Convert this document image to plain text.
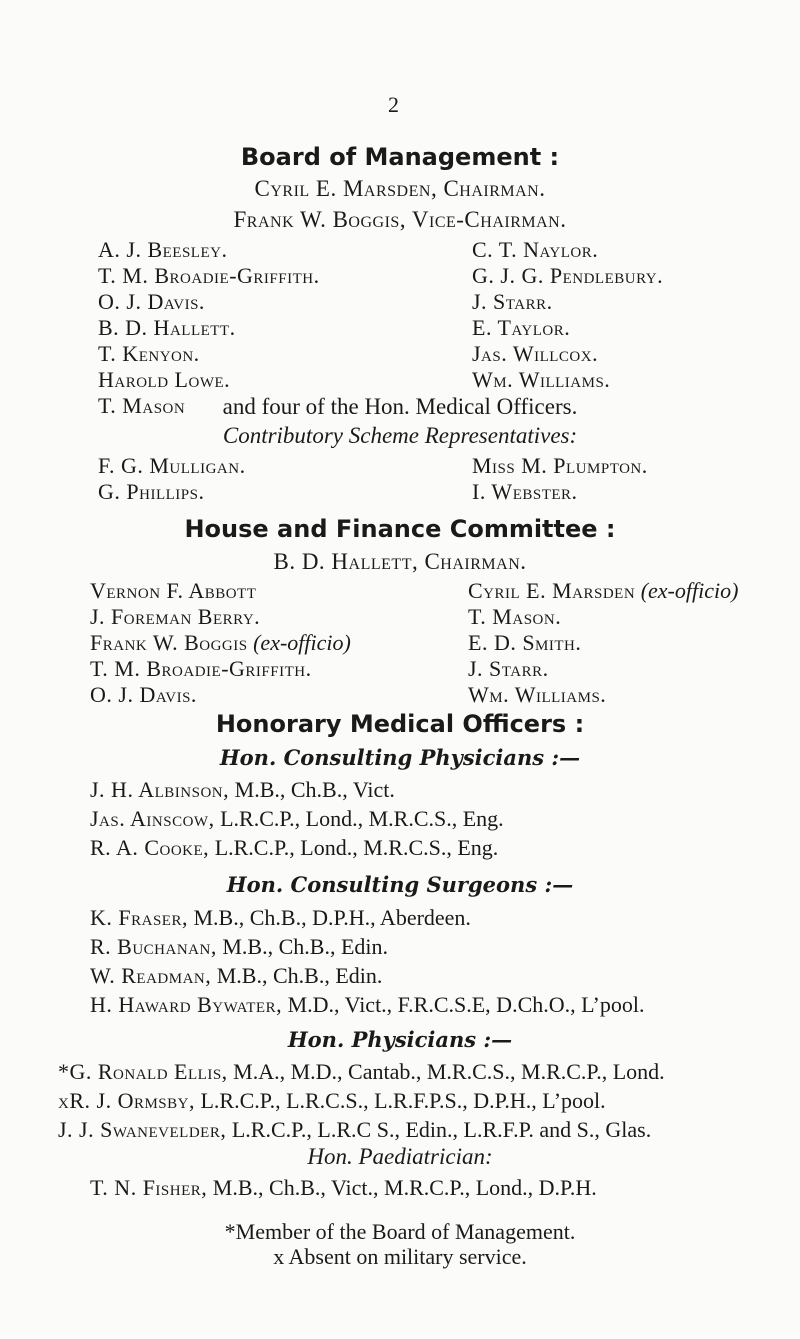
2
Board of Management :
Cyril E. Marsden, Chairman.
Frank W. Boggis, Vice-Chairman.
A. J. Beesley.
T. M. Broadie-Griffith.
O. J. Davis.
B. D. Hallett.
T. Kenyon.
Harold Lowe.
T. Mason
C. T. Naylor.
G. J. G. Pendlebury.
J. Starr.
E. Taylor.
Jas. Willcox.
Wm. Williams.
and four of the Hon. Medical Officers.
Contributory Scheme Representatives:
F. G. Mulligan.
G. Phillips.
Miss M. Plumpton.
I. Webster.
House and Finance Committee :
B. D. Hallett, Chairman.
Vernon F. Abbott
J. Foreman Berry.
Frank W. Boggis (ex-officio)
T. M. Broadie-Griffith.
O. J. Davis.
Cyril E. Marsden (ex-officio)
T. Mason.
E. D. Smith.
J. Starr.
Wm. Williams.
Honorary Medical Officers :
Hon. Consulting Physicians :—
J. H. Albinson, M.B., Ch.B., Vict.
Jas. Ainscow, L.R.C.P., Lond., M.R.C.S., Eng.
R. A. Cooke, L.R.C.P., Lond., M.R.C.S., Eng.
Hon. Consulting Surgeons :—
K. Fraser, M.B., Ch.B., D.P.H., Aberdeen.
R. Buchanan, M.B., Ch.B., Edin.
W. Readman, M.B., Ch.B., Edin.
H. Haward Bywater, M.D., Vict., F.R.C.S.E, D.Ch.O., L’pool.
Hon. Physicians :—
*G. Ronald Ellis, M.A., M.D., Cantab., M.R.C.S., M.R.C.P., Lond.
xR. J. Ormsby, L.R.C.P., L.R.C.S., L.R.F.P.S., D.P.H., L’pool.
J. J. Swanevelder, L.R.C.P., L.R.C S., Edin., L.R.F.P. and S., Glas.
Hon. Paediatrician:
T. N. Fisher, M.B., Ch.B., Vict., M.R.C.P., Lond., D.P.H.
*Member of the Board of Management.
x Absent on military service.
